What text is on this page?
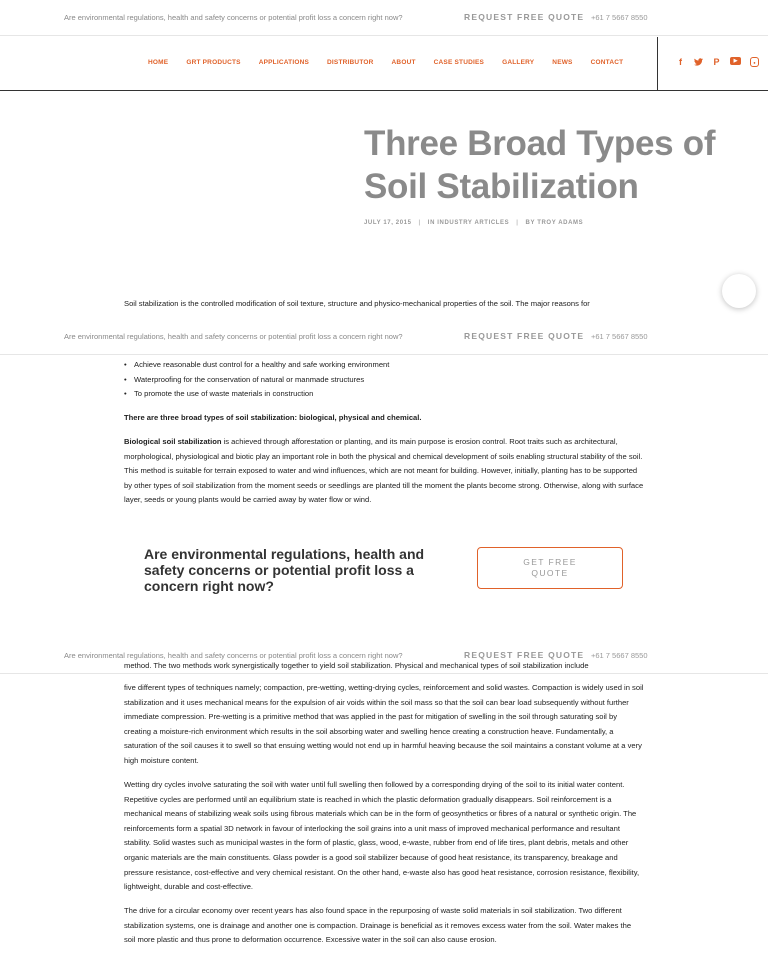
Are environmental regulations, health and safety concerns or potential profit loss a concern right now?	REQUEST FREE QUOTE +61 7 5667 8550
HOME	GRT PRODUCTS	APPLICATIONS	DISTRIBUTOR	ABOUT	CASE STUDIES	GALLERY	NEWS	CONTACT	f	P	▶	●
Three Broad Types of Soil Stabilization
JULY 17, 2015 | IN INDUSTRY ARTICLES | BY TROY ADAMS

Soil stabilization is the controlled modification of soil texture, structure and physico-mechanical properties of the soil. The major reasons for

Are environmental regulations, health and safety concerns or potential profit loss a concern right now?	REQUEST FREE QUOTE +61 7 5667 8550
• Achieve reasonable dust control for a healthy and safe working environment
• Waterproofing for the conservation of natural or manmade structures
• To promote the use of waste materials in construction

There are three broad types of soil stabilization: biological, physical and chemical.

Biological soil stabilization is achieved through afforestation or planting, and its main purpose is erosion control. Root traits such as architectural, morphological, physiological and biotic play an important role in both the physical and chemical development of soils enabling structural stability of the soil. This method is suitable for terrain exposed to water and wind influences, which are not meant for building. However, initially, planting has to be supported by other types of soil stabilization from the moment seeds or seedlings are planted till the moment the plants become strong. Otherwise, along with surface layer, seeds or young plants would be carried away by water flow or wind.

Are environmental regulations, health and safety concerns or potential profit loss a concern right now?
GET FREE QUOTE
Are environmental regulations, health and safety concerns or potential profit loss a concern right now?	REQUEST FREE QUOTE +61 7 5667 8550
method. The two methods work synergistically together to yield soil stabilization. Physical and mechanical types of soil stabilization include

five different types of techniques namely; compaction, pre-wetting, wetting-drying cycles, reinforcement and solid wastes. Compaction is widely used in soil stabilization and it uses mechanical means for the expulsion of air voids within the soil mass so that the soil can bear load subsequently without further immediate compression. Pre-wetting is a primitive method that was applied in the past for mitigation of swelling in the soil through saturating soil by creating a moisture-rich environment which results in the soil absorbing water and swelling hence creating a construction heave. Fundamentally, a saturation of the soil causes it to swell so that ensuing wetting would not end up in harmful heaving because the soil maintains a constant volume at a very high moisture content.

Wetting dry cycles involve saturating the soil with water until full swelling then followed by a corresponding drying of the soil to its initial water content. Repetitive cycles are performed until an equilibrium state is reached in which the plastic deformation gradually disappears. Soil reinforcement is a mechanical means of stabilizing weak soils using fibrous materials which can be in the form of geosynthetics or fibres of a natural or synthetic origin. The reinforcements form a spatial 3D network in favour of interlocking the soil grains into a unit mass of improved mechanical performance and resultant stability. Solid wastes such as municipal wastes in the form of plastic, glass, wood, e-waste, rubber from end of life tires, plant debris, metals and other organic materials are the main constituents. Glass powder is a good soil stabilizer because of good heat resistance, its transparency, breakage and pressure resistance, cost-effective and very chemical resistant. On the other hand, e-waste also has good heat resistance, corrosion resistance, flexibility, lightweight, durable and cost-effective.

The drive for a circular economy over recent years has also found space in the repurposing of waste solid materials in soil stabilization. Two different stabilization systems, one is drainage and another one is compaction. Drainage is beneficial as it removes excess water from the soil. Water makes the soil more plastic and thus prone to deformation occurrence. Excessive water in the soil can also cause erosion.
